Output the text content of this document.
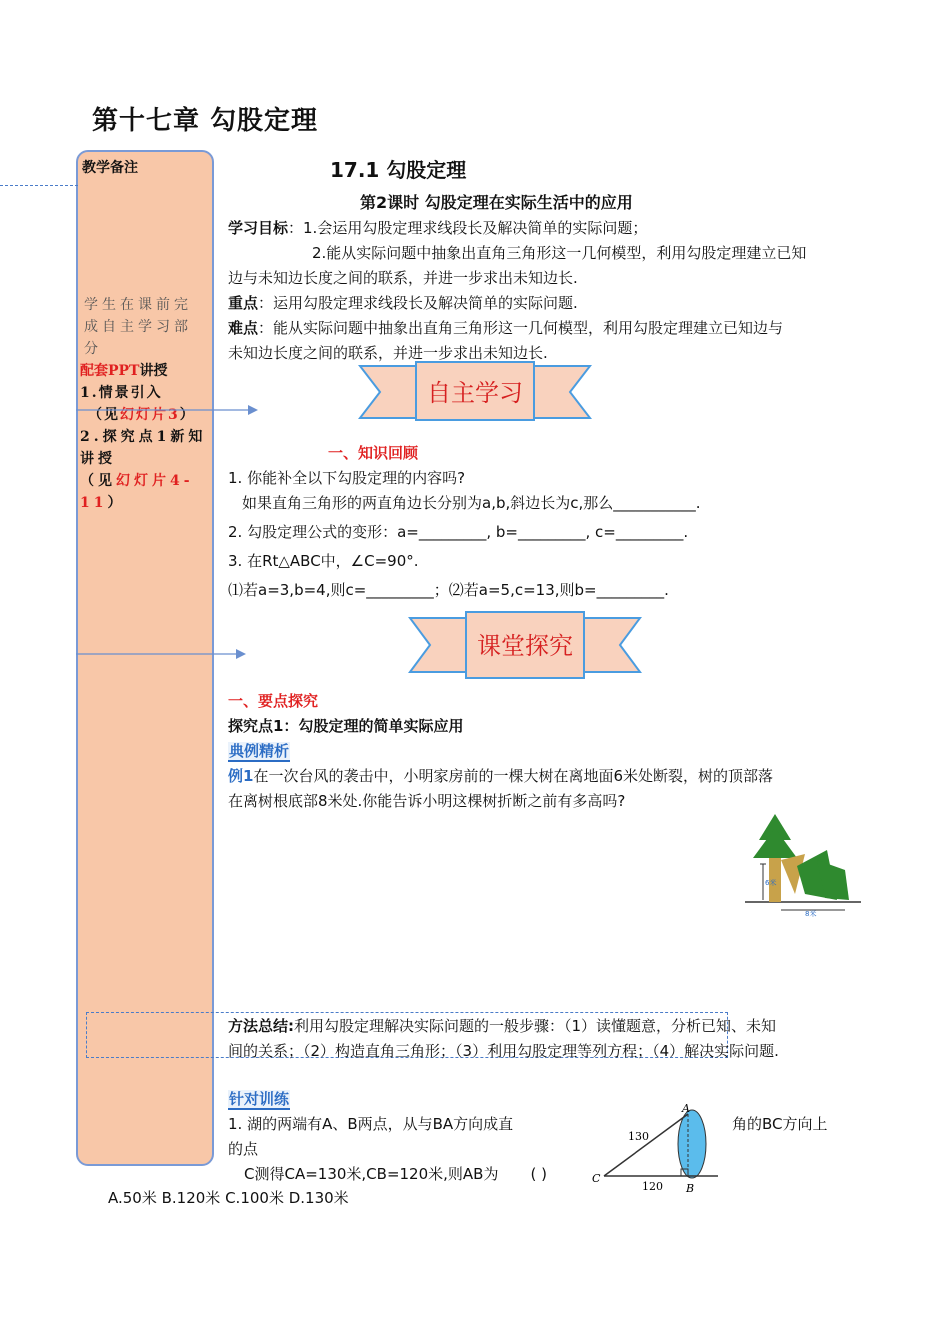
第十七章 勾股定理
教学备注
学生在课前完成自主学习部分
配套PPT讲授
1.情景引入
（见幻灯片3）
2.探究点1新知讲授
（见幻灯片4-11）
17.1 勾股定理
第2课时 勾股定理在实际生活中的应用
学习目标：1.会运用勾股定理求线段长及解决简单的实际问题；
2.能从实际问题中抽象出直角三角形这一几何模型，利用勾股定理建立已知
边与未知边长度之间的联系，并进一步求出未知边长.
重点：运用勾股定理求线段长及解决简单的实际问题.
难点：能从实际问题中抽象出直角三角形这一几何模型，利用勾股定理建立已知边与
未知边长度之间的联系，并进一步求出未知边长.
自主学习
一、知识回顾
1. 你能补全以下勾股定理的内容吗?
如果直角三角形的两直角边长分别为a,b,斜边长为c,那么___________.
2. 勾股定理公式的变形：a=_________, b=_________, c=_________.
3. 在Rt△ABC中，∠C=90°.
⑴若a=3,b=4,则c=_________；⑵若a=5,c=13,则b=_________.
课堂探究
一、要点探究
探究点1：勾股定理的简单实际应用
典例精析
例1在一次台风的袭击中，小明家房前的一棵大树在离地面6米处断裂，树的顶部落
在离树根底部8米处.你能告诉小明这棵树折断之前有多高吗?
6米
8米
方法总结:利用勾股定理解决实际问题的一般步骤：（1）读懂题意，分析已知、未知
间的关系；（2）构造直角三角形；（3）利用勾股定理等列方程；（4）解决实际问题.
针对训练
1. 湖的两端有A、B两点，从与BA方向成直
的点
C测得CA=130米,CB=120米,则AB为 ( )
角的BC方向上
A.50米 B.120米 C.100米 D.130米
A
B
C
130
120
